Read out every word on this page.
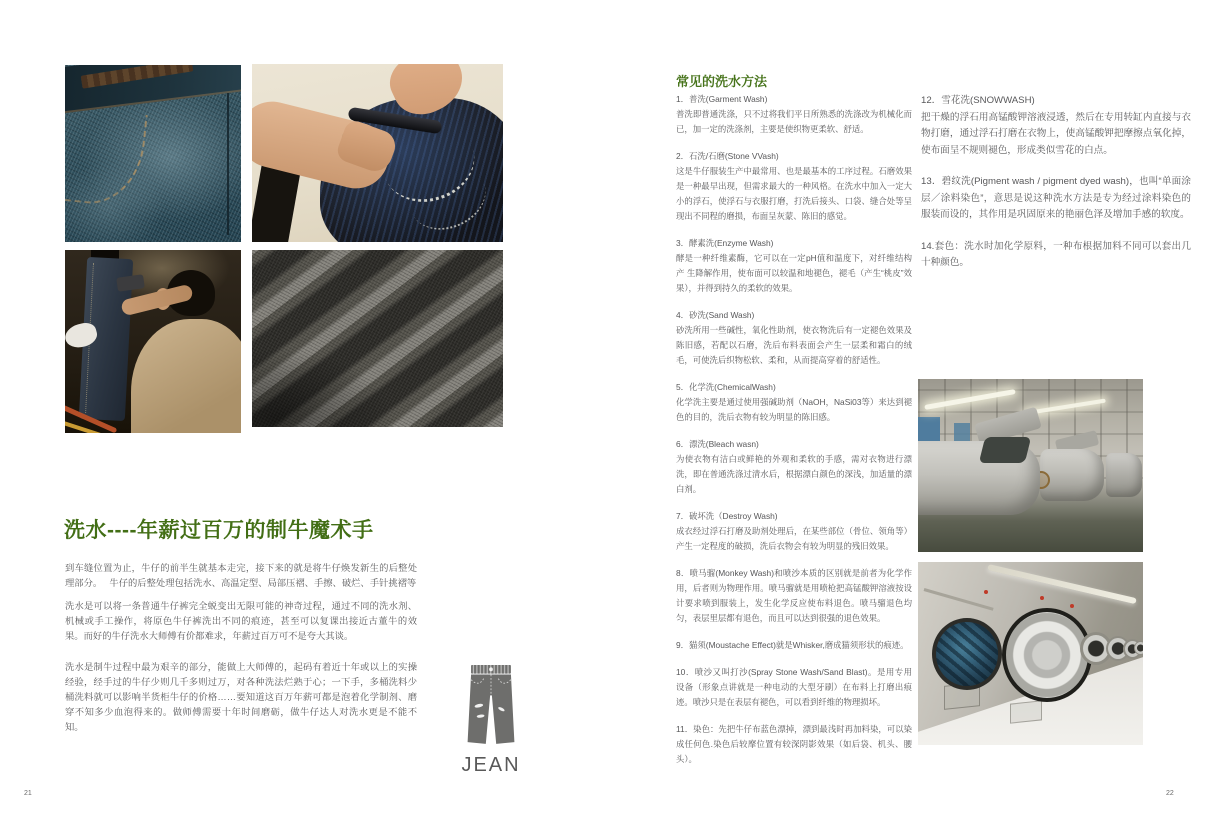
洗水----年薪过百万的制牛魔术手

到车缝位置为止，牛仔的前半生就基本走完，接下来的就是将牛仔焕发新生的后整处理部分。　 牛仔的后整处理包括洗水、高温定型、局部压褶、手擦、破烂、手针挑褶等

洗水是可以将一条普通牛仔裤完全蜕变出无限可能的神奇过程，通过不同的洗水剂、机械或手工操作，将原色牛仔裤洗出不同的痕迹，甚至可以复课出接近古董牛的效果。而好的牛仔洗水大师傅有价都难求，年薪过百万可不是夸大其谈。

洗水是制牛过程中最为艰辛的部分，能做上大师傅的，起码有着近十年或以上的实操经验，经手过的牛仔少则几千多则过万，对各种洗法烂熟于心；一下手，多桶洗料少桶洗料就可以影响半货柜牛仔的价格……要知道这百万年薪可都是泡着化学制剂、磨穿不知多少血泡得来的。做师傅需要十年时间磨砺，做牛仔达人对洗水更是不能不知。

JEAN
21
常见的洗水方法
1．普洗(Garment Wash)
普洗即普通洗涤，只不过将我们平日所熟悉的洗涤改为机械化而已，加一定的洗涤剂，主要是使织物更柔软、舒适。
2．石洗/石磨(Stone VVash)
这是牛仔服装生产中最常用、也是最基本的工序过程。石磨效果是一种最早出现，但需求最大的一种风格。在洗水中加入一定大小的浮石，使浮石与衣服打磨，打洗后接头、口袋、缝合处等呈现出不同程的磨损，布面呈灰蒙、陈旧的感觉。
3．酵素洗(Enzyme Wash)
酵是一种纤维素酶，它可以在一定pH值和温度下，对纤维结构产 生降解作用，使布面可以较温和地褪色，褪毛（产生“桃皮”效果），并得到持久的柔软的效果。
4．砂洗(Sand Wash)
砂洗所用一些碱性，氧化性助剂，使衣物洗后有一定褪色效果及陈旧感，若配以石磨，洗后布料表面会产生一层柔和霜白的绒毛，可使洗后织物松软、柔和，从而提高穿着的舒适性。
5．化学洗(ChemicalWash)
化学洗主要是通过使用强碱助剂（NaOH，NaSi03等）来达到褪色的目的，洗后衣物有较为明显的陈旧感。
6．漂洗(Bleach wasn)
为使衣物有洁白或鲜艳的外观和柔软的手感，需对衣物进行漂洗，即在普通洗涤过清水后，根据漂白颜色的深浅，加适量的漂白剂。
7．破坏洗（Destroy Wash)
成衣经过浮石打磨及助剂处理后，在某些部位（骨位、领角等）产生一定程度的破损，洗后衣物会有较为明显的残旧效果。
8．喷马骝(Monkey Wash)和喷沙本质的区别就是前者为化学作用，后者则为物理作用。喷马骝就是用喷枪把高锰酸钾溶液按设计要求喷到服装上，发生化学反应使布料退色。喷马骝退色均匀，表层里层都有退色，而且可以达到很强的退色效果。
9．猫须(Moustache Effect)就是Whisker,磨成猫须形状的痕迹。
10．喷沙又叫打沙(Spray Stone Wash/Sand Blast)。是用专用设备（形象点讲就是一种电动的大型牙刷）在布料上打磨出痕迹。喷沙只是在表层有褪色，可以看到纤维的物理损坏。
11．染色：先把牛仔布蓝色漂掉，漂到最浅时再加料染，可以染成任何色.染色后较摩位置有较深阴影效果（如后袋、机头、腰头）。
12．雪花洗(SNOWWASH)
把干燥的浮石用高锰酸钾溶液浸透，然后在专用转缸内直接与衣物打磨，通过浮石打磨在衣物上，使高锰酸钾把摩擦点氧化掉，使布面呈不规则褪色，形成类似雪花的白点。
13．碧纹洗(Pigment wash / pigment dyed wash)，也叫“单面涂层／涂料染色”，意思是说这种洗水方法是专为经过涂料染色的服装而设的，其作用是巩固原来的艳丽色泽及增加手感的软度。
14.套色：洗水时加化学原料，一种布根据加料不同可以套出几十种颜色。
22
